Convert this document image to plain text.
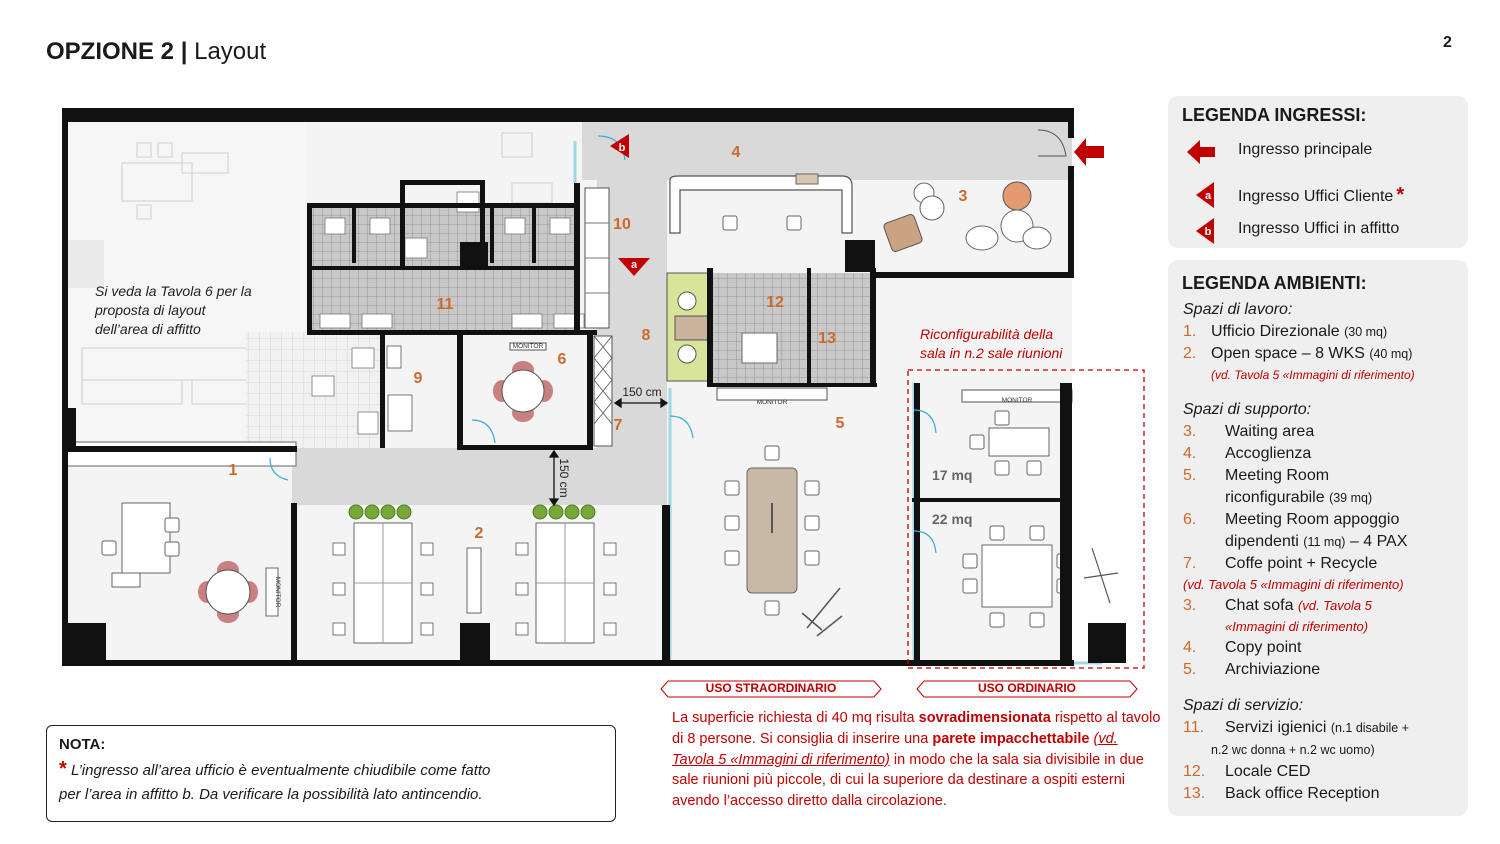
OPZIONE 2 | Layout	2
b
a
150 cm
150 cm
MONITOR
MONITOR	MONITOR
MONITOR
17 mq
22 mq
1
2
3
4
5
6
7
8
9
10
11	12
13	Riconfigurabilità della
sala in n.2 sale riunioni
Si veda la Tavola 6 per la
proposta di layout
dell’area di affitto
USO STRAORDINARIO	USO ORDINARIO
La superficie richiesta di 40 mq risulta sovradimensionata rispetto al tavolo di 8 persone. Si consiglia di inserire una parete impacchettabile (vd. Tavola 5 «Immagini di riferimento) in modo che la sala sia divisibile in due sale riunioni più piccole, di cui la superiore da destinare a ospiti esterni avendo l’accesso diretto dalla circolazione.
NOTA:
* L’ingresso all’area ufficio è eventualmente chiudibile come fatto
per l’area in affitto b. Da verificare la possibilità lato antincendio.
LEGENDA INGRESSI:
Ingresso principale
a Ingresso Uffici Cliente *
b Ingresso Uffici in affitto
LEGENDA AMBIENTI:
Spazi di lavoro:
1. Ufficio Direzionale (30 mq)
2. Open space – 8 WKS (40 mq)
(vd. Tavola 5 «Immagini di riferimento)
Spazi di supporto:
3. Waiting area
4. Accoglienza
5. Meeting Room
riconfigurabile (39 mq)
6. Meeting Room appoggio
dipendenti (11 mq) – 4 PAX
7. Coffe point + Recycle
(vd. Tavola 5 «Immagini di riferimento)
3. Chat sofa (vd. Tavola 5
«Immagini di riferimento)
4. Copy point
5. Archiviazione
Spazi di servizio:
11. Servizi igienici (n.1 disabile +
n.2 wc donna + n.2 wc uomo)
12. Locale CED
13. Back office Reception
